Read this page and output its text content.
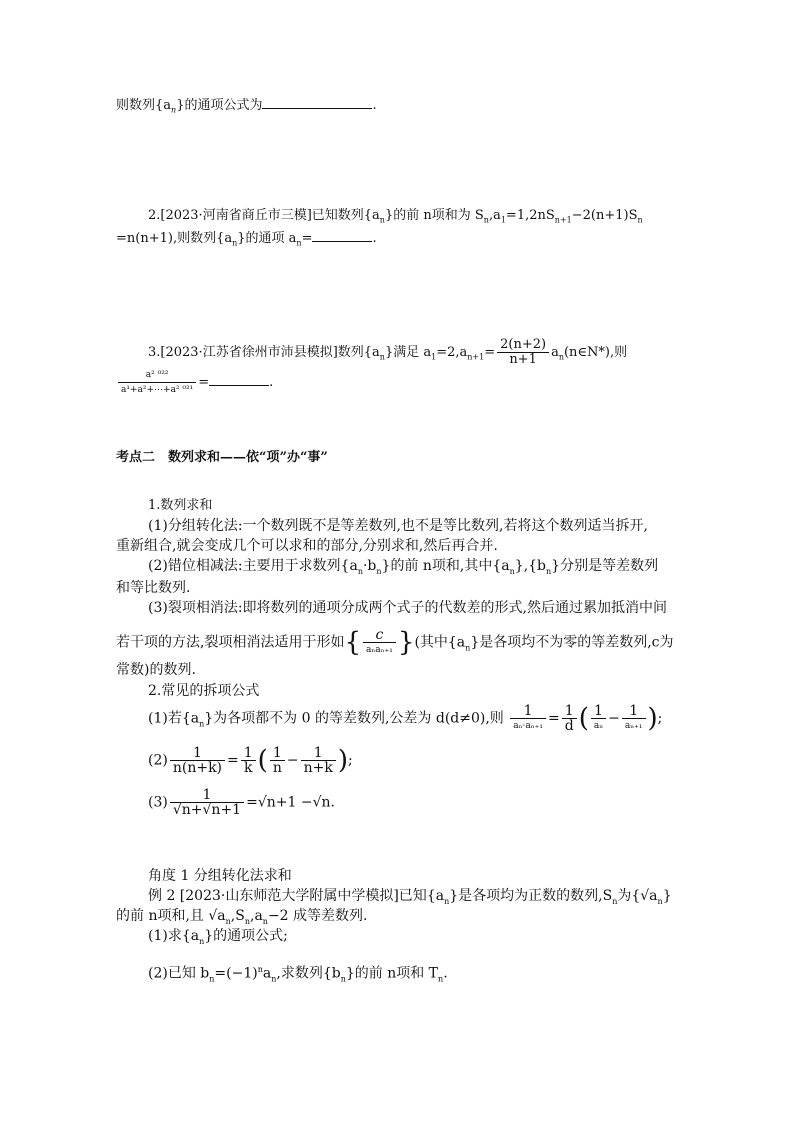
则数列$\{a_n\}$的通项公式为	.
2.[2023·河南省商丘市三模]已知数列$\{a_n\}$的前 n项和为 $S_n,a_1=1,2nS_{n+1}-2(n+1)S_n$
=n(n+1),则数列$\{a_n\}$的通项 $a_n=$	.
3.[2023·江苏省徐州市沛县模拟]数列$\{a_n\}$满足 $a_1=2,a_{n+1}= \frac{2(n+2)}{n+1}$ $a_n(n\in N*)$,则
$\frac{\text{a² ⁰²²}}{\text{a¹+a²+⋯+a² ⁰²¹}}$ =	.
考点二　数列求和——依“项”办“事”
1.数列求和
(1)分组转化法:一个数列既不是等差数列,也不是等比数列,若将这个数列适当拆开,
重新组合,就会变成几个可以求和的部分,分别求和,然后再合并.
(2)错位相减法:主要用于求数列$\{a_n\cdot b_n\}$的前 n项和,其中$\{a_n\},\{b_n\}$分别是等差数列
和等比数列.
(3)裂项相消法:即将数列的通项分成两个式子的代数差的形式,然后通过累加抵消中间
若干项的方法,裂项相消法适用于形如{ $\frac{c}{\text{aₙaₙ₊₁}}$ }(其中$\{a_n\}$是各项均不为零的等差数列,c为
常数)的数列.
2.常见的拆项公式
(1)若$\{a_n\}$为各项都不为 0 的等差数列,公差为 d(d≠0),则 $\frac{1}{\text{aₙ·aₙ₊₁}} = \frac{1}{d}$ ( $\frac{1}{\text{aₙ}} - \frac{1}{\text{aₙ₊₁}}$ );
$(2) \frac{1}{n(n+k)} = \frac{1}{k}$ ( $\frac{1}{n} - \frac{1}{n+k}$ );
$(3) \frac{1}{√n+√n+1} =√n+1 -√n$.
角度 1 分组转化法求和
例 2 [2023·山东师范大学附属中学模拟]已知$\{a_n\}$是各项均为正数的数列$,S_n$为$\{√a_n\}$
的前 n项和,且 $√a_n,S_n,a_n-2$ 成等差数列.
(1)求$\{a_n\}$的通项公式;
(2)已知 $b_n=(-1)^na_n$,求数列$\{b_n\}$的前 n项和 $T_n$.
